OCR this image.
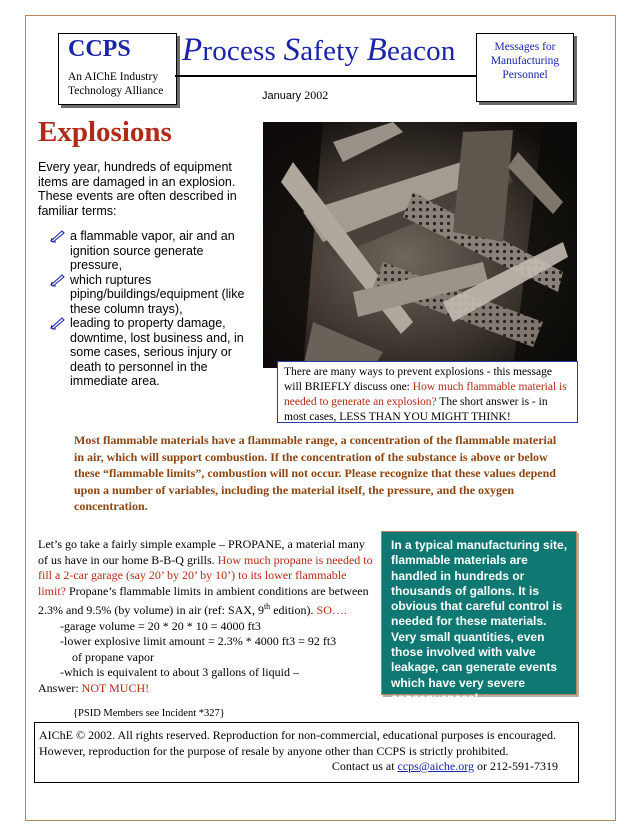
CCPS
An AIChE Industry
Technology Alliance
Process Safety Beacon
January 2002
Messages for
Manufacturing
Personnel
Explosions
Every year, hundreds of equipment items are damaged in an explosion. These events are often described in familiar terms:
a flammable vapor, air and an ignition source generate pressure,
which ruptures piping/buildings/equipment (like these column trays),
leading to property damage, downtime, lost business and, in some cases, serious injury or death to personnel in the immediate area.
There are many ways to prevent explosions - this message will BRIEFLY discuss one: How much flammable material is needed to generate an explosion? The short answer is - in most cases, LESS THAN YOU MIGHT THINK!
Most flammable materials have a flammable range, a concentration of the flammable material in air, which will support combustion. If the concentration of the substance is above or below these “flammable limits”, combustion will not occur. Please recognize that these values depend upon a number of variables, including the material itself, the pressure, and the oxygen concentration.
Let’s go take a fairly simple example – PROPANE, a material many of us have in our home B-B-Q grills. How much propane is needed to fill a 2-car garage (say 20’ by 20’ by 10’) to its lower flammable limit? Propane’s flammable limits in ambient conditions are between 2.3% and 9.5% (by volume) in air (ref: SAX, 9th edition). SO….
-garage volume = 20 * 20 * 10 = 4000 ft3
-lower explosive limit amount = 2.3% * 4000 ft3 = 92 ft3
of propane vapor
-which is equivalent to about 3 gallons of liquid –
Answer: NOT MUCH!
In a typical manufacturing site, flammable materials are handled in hundreds or thousands of gallons. It is obvious that careful control is needed for these materials. Very small quantities, even those involved with valve leakage, can generate events which have very severe consequences!
{PSID Members see Incident *327}
AIChE © 2002. All rights reserved. Reproduction for non-commercial, educational purposes is encouraged.
However, reproduction for the purpose of resale by anyone other than CCPS is strictly prohibited.
Contact us at ccps@aiche.org or 212-591-7319
